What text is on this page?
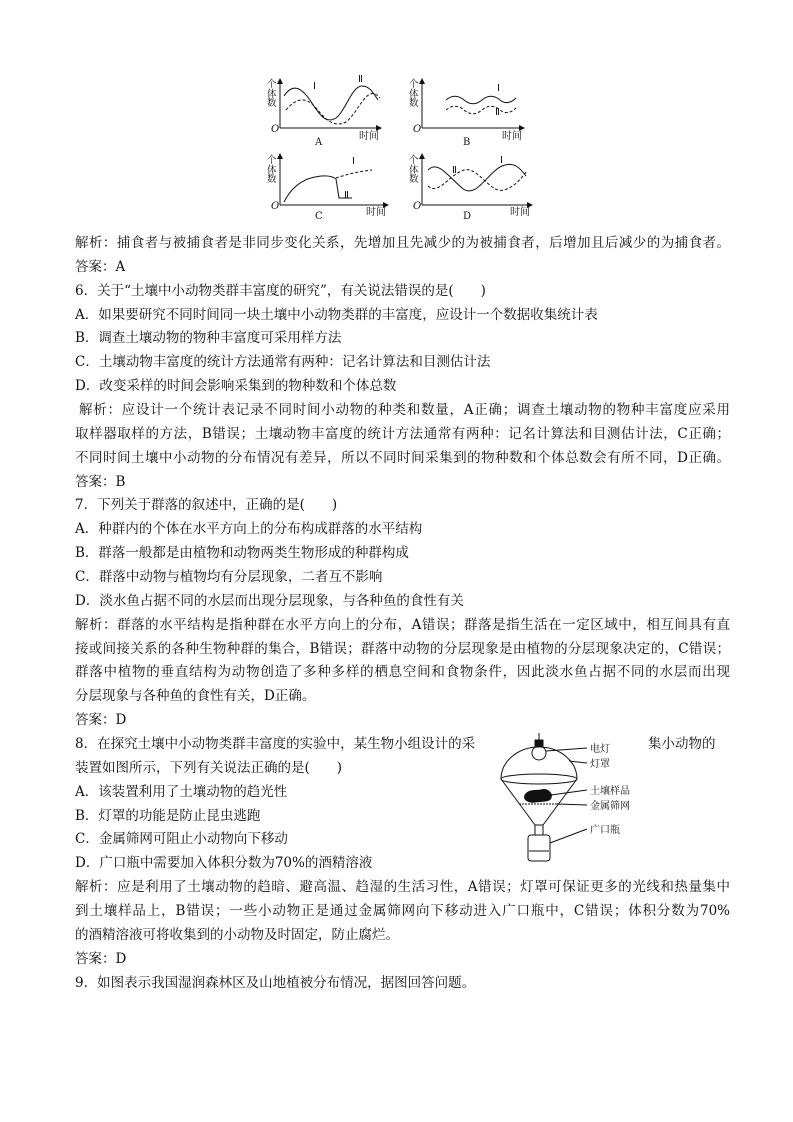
个体数
O
时间
A
Ⅰ
Ⅱ	个体数
O
时间
B
Ⅰ
Ⅱ
个体数
O
时间
C
Ⅰ
Ⅱ
个体数
O
时间
D
Ⅱ
Ⅰ
解析：捕食者与被捕食者是非同步变化关系，先增加且先减少的为被捕食者，后增加且后减少的为捕食者。
答案：A
6．关于“土壤中小动物类群丰富度的研究”，有关说法错误的是(　　)
A．如果要研究不同时间同一块土壤中小动物类群的丰富度，应设计一个数据收集统计表
B．调查土壤动物的物种丰富度可采用样方法
C．土壤动物丰富度的统计方法通常有两种：记名计算法和目测估计法
D．改变采样的时间会影响采集到的物种数和个体总数
解析：应设计一个统计表记录不同时间小动物的种类和数量，A正确；调查土壤动物的物种丰富度应采用
取样器取样的方法，B错误；土壤动物丰富度的统计方法通常有两种：记名计算法和目测估计法，C正确；
不同时间土壤中小动物的分布情况有差异，所以不同时间采集到的物种数和个体总数会有所不同，D正确。
答案：B
7．下列关于群落的叙述中，正确的是(　　)
A．种群内的个体在水平方向上的分布构成群落的水平结构
B．群落一般都是由植物和动物两类生物形成的种群构成
C．群落中动物与植物均有分层现象，二者互不影响
D．淡水鱼占据不同的水层而出现分层现象，与各种鱼的食性有关
解析：群落的水平结构是指种群在水平方向上的分布，A错误；群落是指生活在一定区域中，相互间具有直
接或间接关系的各种生物种群的集合，B错误；群落中动物的分层现象是由植物的分层现象决定的，C错误；
群落中植物的垂直结构为动物创造了多种多样的栖息空间和食物条件，因此淡水鱼占据不同的水层而出现
分层现象与各种鱼的食性有关，D正确。
答案：D
8．在探究土壤中小动物类群丰富度的实验中，某生物小组设计的采	集小动物的
装置如图所示，下列有关说法正确的是(　　)
A．该装置利用了土壤动物的趋光性
B．灯罩的功能是防止昆虫逃跑
C．金属筛网可阻止小动物向下移动
D．广口瓶中需要加入体积分数为70%的酒精溶液
解析：应是利用了土壤动物的趋暗、避高温、趋湿的生活习性，A错误；灯罩可保证更多的光线和热量集中
到土壤样品上，B错误；一些小动物正是通过金属筛网向下移动进入广口瓶中，C错误；体积分数为70%
的酒精溶液可将收集到的小动物及时固定，防止腐烂。
答案：D
9．如图表示我国湿润森林区及山地植被分布情况，据图回答问题。
电灯
灯罩
土壤样品
金属筛网
广口瓶
